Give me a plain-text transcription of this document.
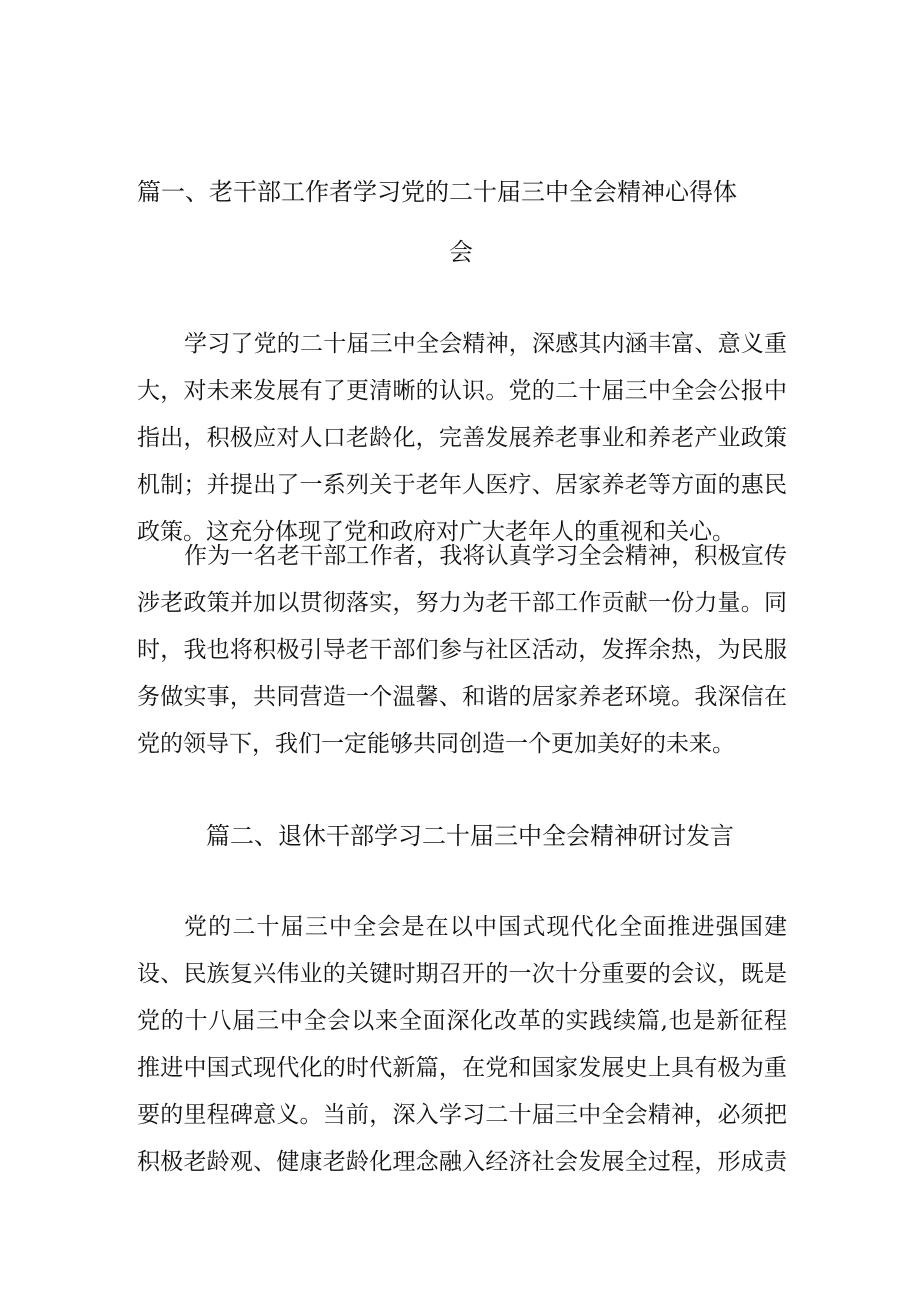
篇一、老干部工作者学习党的二十届三中全会精神心得体
会

学习了党的二十届三中全会精神，深感其内涵丰富、意义重
大，对未来发展有了更清晰的认识。党的二十届三中全会公报中
指出，积极应对人口老龄化，完善发展养老事业和养老产业政策
机制；并提出了一系列关于老年人医疗、居家养老等方面的惠民
政策。这充分体现了党和政府对广大老年人的重视和关心。

作为一名老干部工作者，我将认真学习全会精神，积极宣传
涉老政策并加以贯彻落实，努力为老干部工作贡献一份力量。同
时，我也将积极引导老干部们参与社区活动，发挥余热，为民服
务做实事，共同营造一个温馨、和谐的居家养老环境。我深信在
党的领导下，我们一定能够共同创造一个更加美好的未来。

篇二、退休干部学习二十届三中全会精神研讨发言

党的二十届三中全会是在以中国式现代化全面推进强国建
设、民族复兴伟业的关键时期召开的一次十分重要的会议，既是
党的十八届三中全会以来全面深化改革的实践续篇,也是新征程
推进中国式现代化的时代新篇，在党和国家发展史上具有极为重
要的里程碑意义。当前，深入学习二十届三中全会精神，必须把
积极老龄观、健康老龄化理念融入经济社会发展全过程，形成责
